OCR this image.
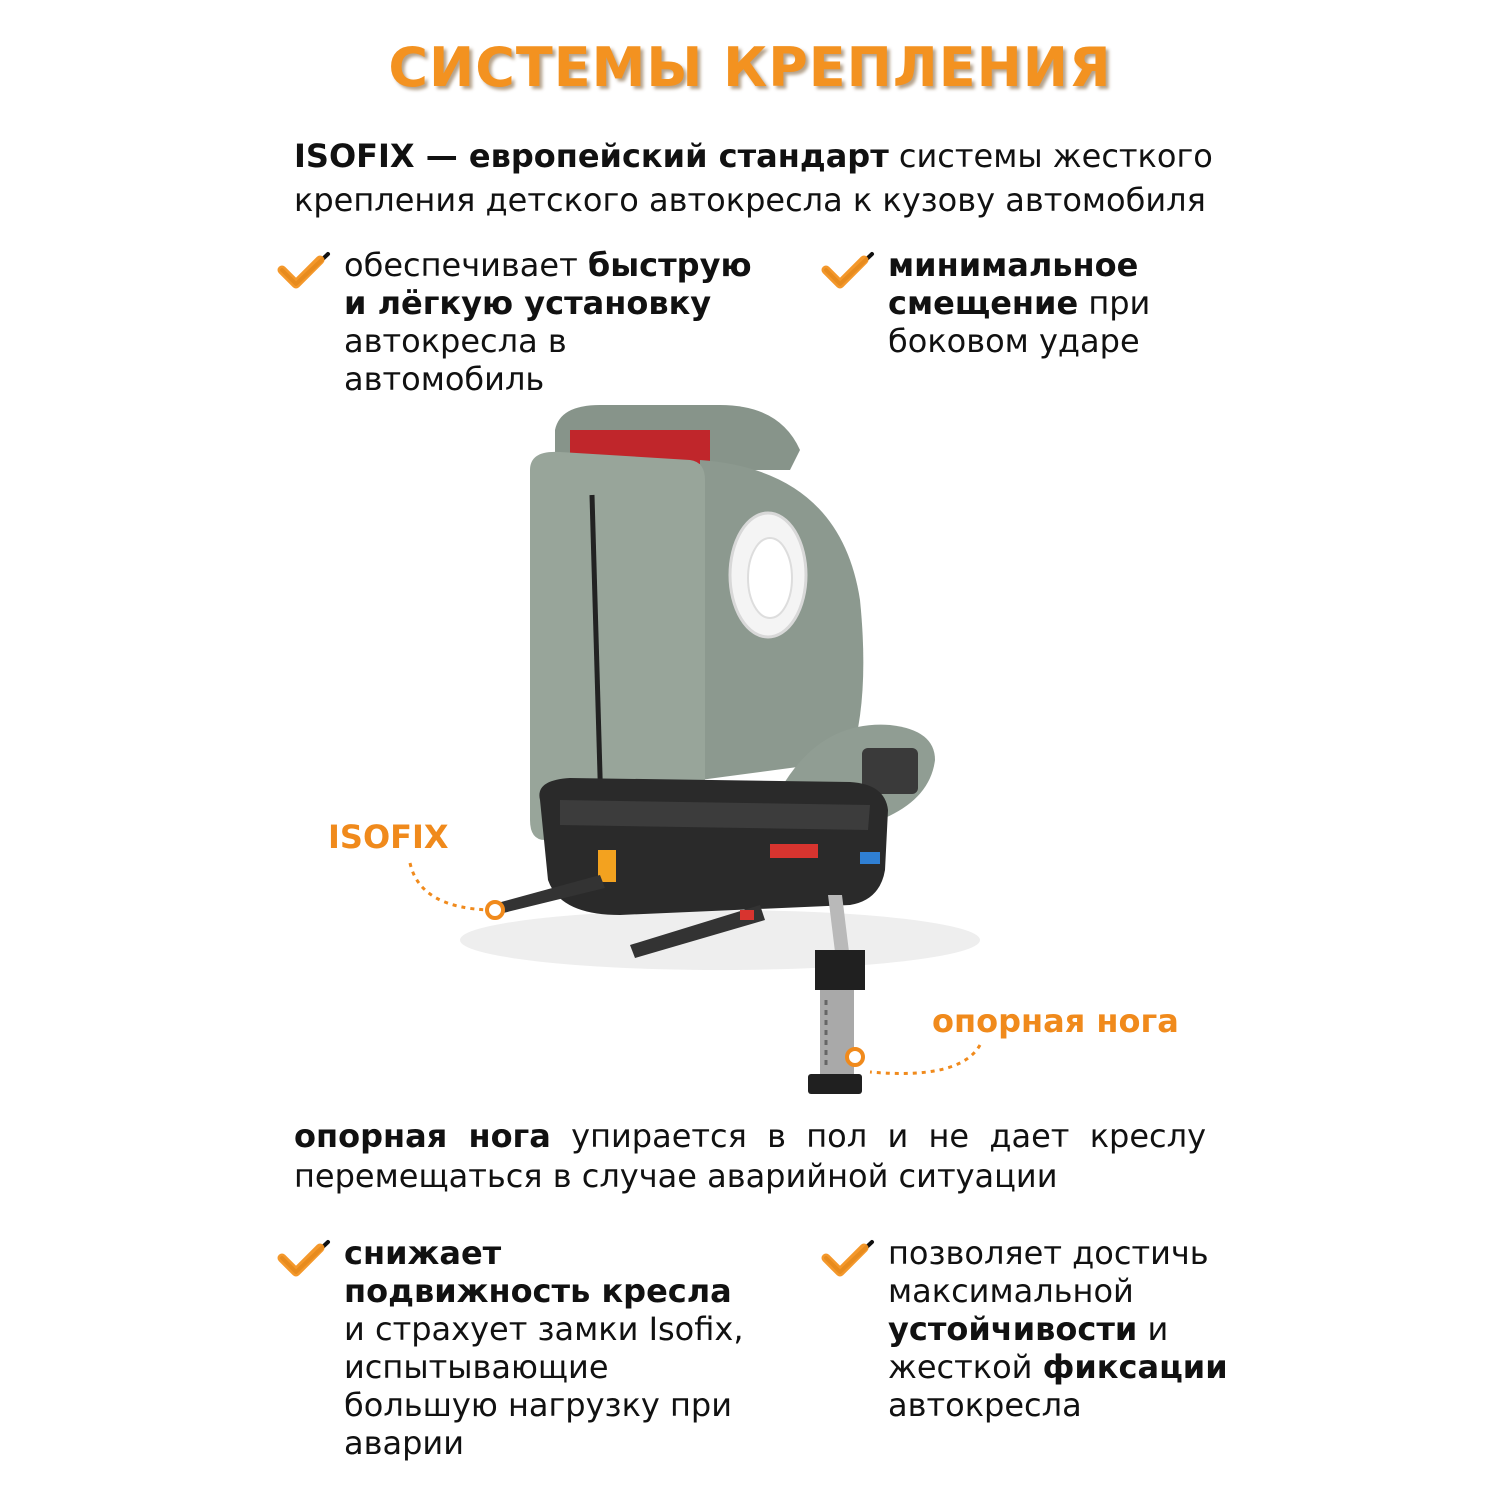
СИСТЕМЫ КРЕПЛЕНИЯ

ISOFIX — европейский стандарт системы жесткого крепления детского автокресла к кузову автомобиля

обеспечивает быструю и лёгкую установку автокресла в автомобиль
минимальное смещение при боковом ударе
ISOFIX
опорная нога
опорная нога упирается в пол и не дает креслу перемещаться в случае аварийной ситуации
снижает подвижность кресла и страхует замки Isofix, испытывающие большую нагрузку при аварии
позволяет достичь максимальной устойчивости и жесткой фиксации автокресла
